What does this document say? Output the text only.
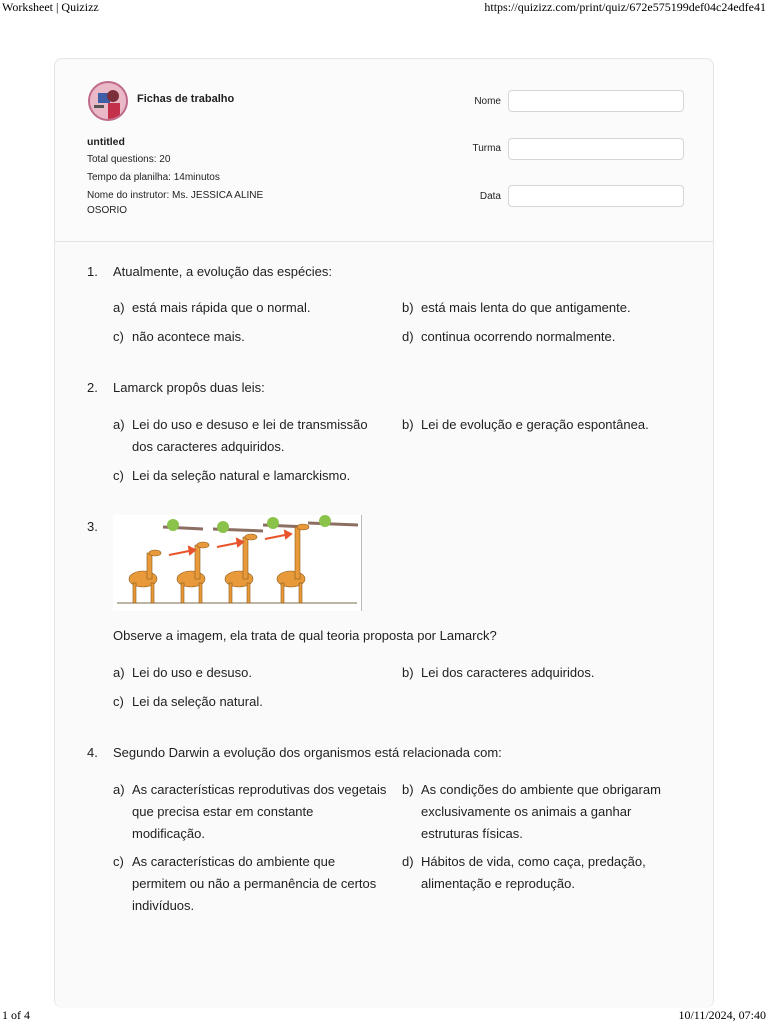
Worksheet | Quizizz	https://quizizz.com/print/quiz/672e575199def04c24edfe41
Fichas de trabalho
untitled
Total questions: 20
Tempo da planilha: 14minutos
Nome do instrutor: Ms. JESSICA ALINE
OSORIO
Nome
Turma
Data
1. Atualmente, a evolução das espécies:
a) está mais rápida que o normal.	b) está mais lenta do que antigamente.
c) não acontece mais.	d) continua ocorrendo normalmente.
2. Lamarck propôs duas leis:
a) Lei do uso e desuso e lei de transmissão
dos caracteres adquiridos.
b) Lei de evolução e geração espontânea.
c) Lei da seleção natural e lamarckismo.
3.
Observe a imagem, ela trata de qual teoria proposta por Lamarck?
a) Lei do uso e desuso.	b) Lei dos caracteres adquiridos.
c) Lei da seleção natural.
4. Segundo Darwin a evolução dos organismos está relacionada com:
a) As características reprodutivas dos vegetais
que precisa estar em constante
modificação.
b) As condições do ambiente que obrigaram
exclusivamente os animais a ganhar
estruturas físicas.
c) As características do ambiente que
permitem ou não a permanência de certos
indivíduos.
d) Hábitos de vida, como caça, predação,
alimentação e reprodução.
1 of 4	10/11/2024, 07:40
